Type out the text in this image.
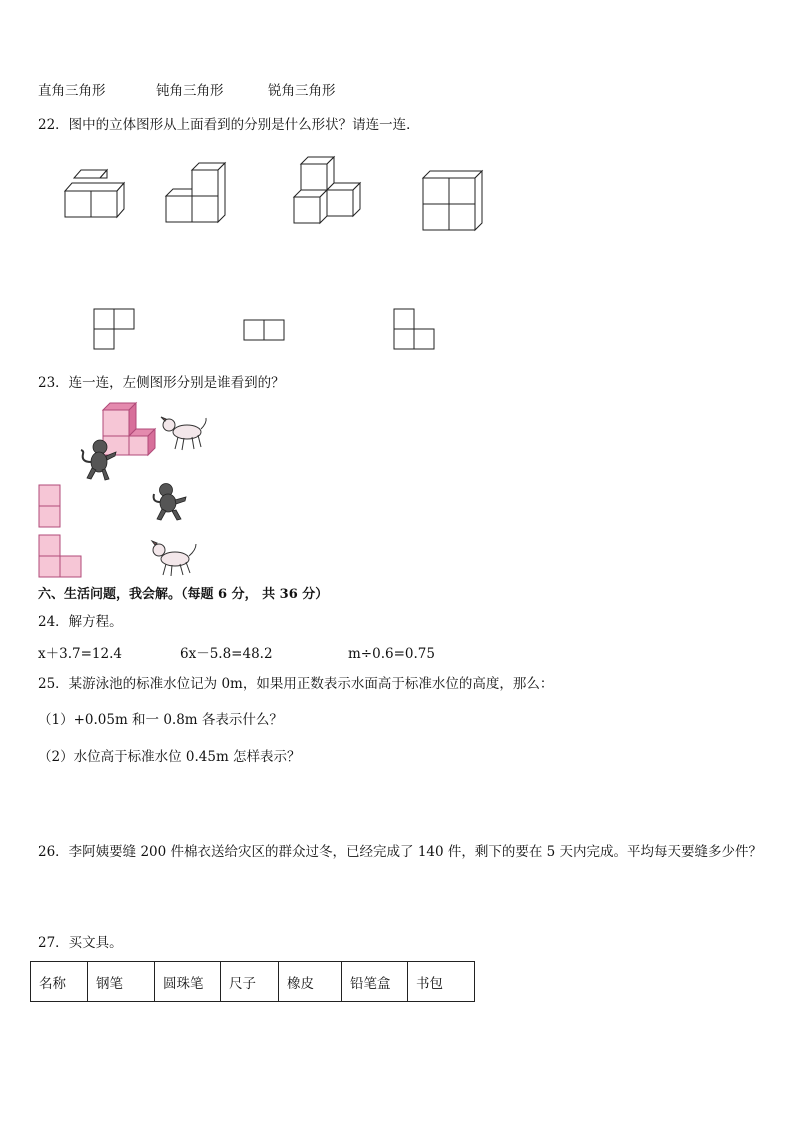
直角三角形	钝角三角形	锐角三角形
22．图中的立体图形从上面看到的分别是什么形状？请连一连．
23．连一连，左侧图形分别是谁看到的？
六、生活问题，我会解。（每题 6 分， 共 36 分）
24．解方程。
x＋3.7=12.4	6x－5.8=48.2	m÷0.6=0.75
25．某游泳池的标准水位记为 0m，如果用正数表示水面高于标准水位的高度，那么：
（1）+0.05m 和一 0.8m 各表示什么？
（2）水位高于标准水位 0.45m 怎样表示？
26．李阿姨要缝 200 件棉衣送给灾区的群众过冬，已经完成了 140 件，剩下的要在 5 天内完成。平均每天要缝多少件？
27．买文具。
名称	钢笔	圆珠笔	尺子	橡皮	铅笔盒	书包
